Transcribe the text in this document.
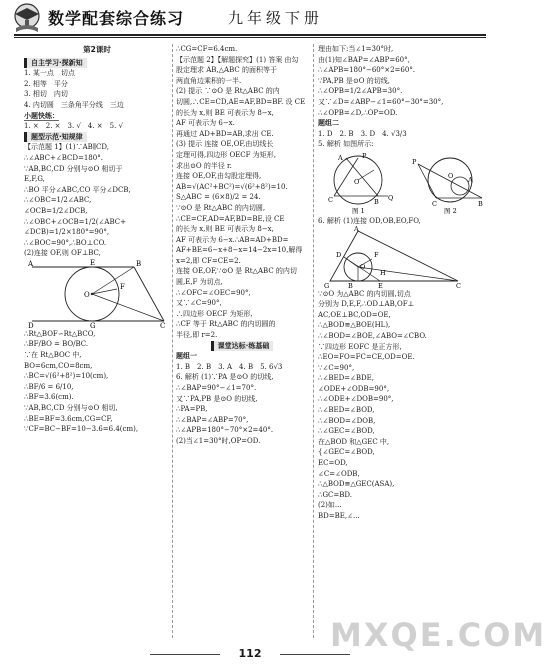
数学配套综合练习	九年级下册
第2课时
自主学习·探新知
1. 某一点　切点
2. 相等　平分
3. 相切　内切
4. 内切圆　三条角平分线　三边
小题快练：
1. ×　2. ×　3. √　4. ×　5. √
题型示范·知规律
【示范题 1】(1)∵AB∥CD,
∴∠ABC+∠BCD=180°.
∵AB,BC,CD 分别与⊙O 相切于
E,F,G,
∴BO 平分∠ABC,CO 平分∠DCB,
∴∠OBC=1/2∠ABC,
∠OCB=1/2∠DCB,
∴∠OBC+∠OCB=1/2(∠ABC+
∠DCB)=1/2×180°=90°,
∴∠BOC=90°,∴BO⊥CO.
(2)连接 OF,则 OF⊥BC,
A	E
F
O
D	G	C
B
∴Rt△BOF∽Rt△BCO,
∴BF/BO = BO/BC.
∵在 Rt△BOC 中,
BO=6cm,CO=8cm,
∴BC=√(6²+8²)=10(cm),
∴BF/6 = 6/10,
∴BF=3.6(cm).
∵AB,BC,CD 分别与⊙O 相切,
∴BE=BF=3.6cm,CG=CF,
∵CF=BC−BF=10−3.6=6.4(cm),
∴CG=CF=6.4cm.
【示范题 2】【解题探究】(1) 答案 由勾
股定理求 AB,△ABC 的面积等于
两直角边乘积的一半.
(2) 提示 ∵⊙O 是 Rt△ABC 的内
切圆,∴CE=CD,AE=AF,BD=BF. 设 CE
的长为 x,则 BE 可表示为 8−x,
AF 可表示为 6−x.
再通过 AD+BD=AB,求出 CE.
(3) 提示 连接 OE,OF,由切线长
定理可得,四边形 OECF 为矩形,
求出⊙O 的半径 r.
连接 OE,OF,由勾股定理得,
AB=√(AC²+BC²)=√(6²+8²)=10.
S△ABC = (6×8)/2 = 24.
∵⊙O 是 Rt△ABC 的内切圆,
∴CE=CF,AD=AF,BD=BE,设 CE
的长为 x,则 BE 可表示为 8−x,
AF 可表示为 6−x.∴AB=AD+BD=
AF+BE=6−x+8−x=14−2x=10,解得
x=2,即 CF=CE=2.
连接 OE,OF,∵⊙O 是 Rt△ABC 的内切
圆,E,F 为切点,
∴∠OFC=∠OEC=90°,
又∵∠C=90°,
∴四边形 OECF 为矩形,
∴CF 等于 Rt△ABC 的内切圆的
半径,即 r=2.
课堂达标·练基础
题组一
1. B　2. B　3. A　4. B　5. 6√3
6. 解析 (1)∵PA 是⊙O 的切线,
∴∠BAP=90°−∠1=70°.
又∵PA,PB 是⊙O 的切线,
∴PA=PB,
∴∠BAP=∠ABP=70°,
∴∠APB=180°−70°×2=40°.
(2)当∠1=30°时,OP=OD.
理由如下:当∠1=30°时,
由(1)知∠BAP=∠ABP=60°,
∴∠APB=180°−60°×2=60°.
∵PA,PB 是⊙O 的切线,
∴∠OPB=1/2∠APB=30°.
又∵∠D=∠ABP−∠1=60°−30°=30°,
∴∠OPB=∠D,∴OP=OD.
题组二
1. D　2. B　3. D　4. √3/3
5. 解析 如图所示:
A	P
O
C	B Q
图 1
P
O
C	B
A
图 2
6. 解析 (1)连接 OD,OB,EO,FO,
A
D	F
O
H
G	B	E	C
∵⊙O 为△ABC 的内切圆,切点
分别为 D,E,F,∴OD⊥AB,OF⊥
AC,OE⊥BC,OD=OE,
∴△BOD≌△BOE(HL),
∴∠BOD=∠BOE,∠ABO=∠CBO.
∵四边形 EOFC 是正方形,
∴EO=FO=FC=CE,OD=OE.
∵∠C=90°,
∴∠BED=∠BDE,
∠ODE+∠ODB=90°,
∴∠ODE+∠DOB=90°,
∴∠BED=∠BOD,
∴∠BOD=∠DOB,
∴∠GEC=∠BOD,
在△BOD 和△GEC 中,
{∠GEC=∠BOD,
EC=OD,
∠C=∠ODB,
∴△BOD≌△GEC(ASA),
∴GC=BD.
(2)如...
BD=BE,∠...
112 MXQE.COM
